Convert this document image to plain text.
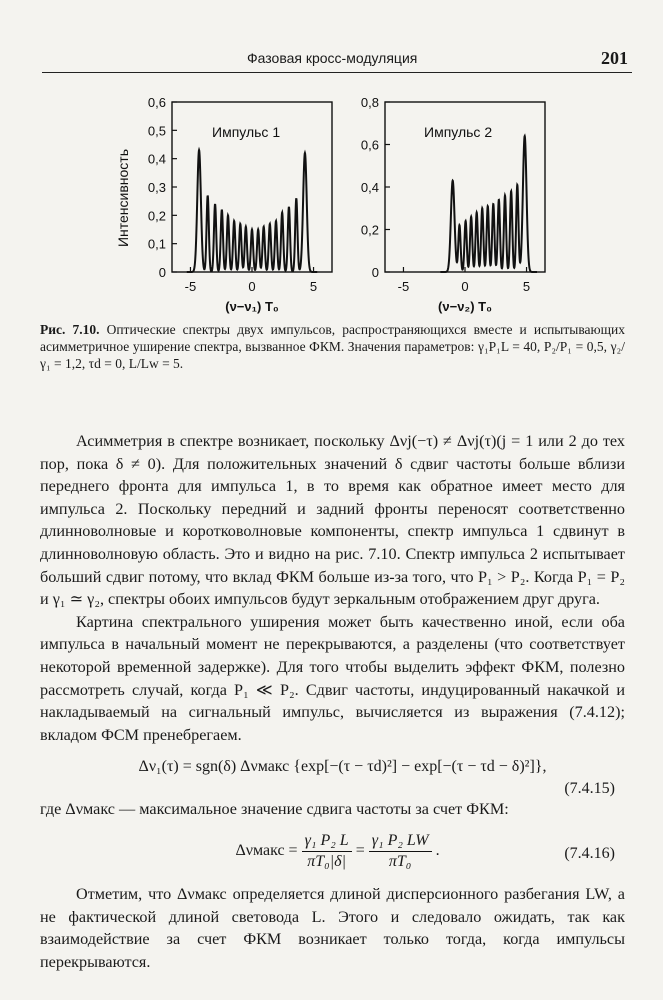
Фазовая кросс-модуляция	201
Интенсивность
0
0,1
0,2
0,3
0,4
0,5
0,6
-5	0	5
Импульс 1
(ν−ν₁) T₀
0
0,2
0,4
0,6
0,8
-5	0	5
Импульс 2
(ν−ν₂) T₀
Рис. 7.10. Оптические спектры двух импульсов, распространяющихся вместе и испытывающих асимметричное уширение спектра, вызванное ФКМ. Значения параметров: γ₁P₁L = 40, P₂/P₁ = 0,5, γ₂/γ₁ = 1,2, τd = 0, L/Lw = 5.

Асимметрия в спектре возникает, поскольку Δνj(−τ) ≠ Δνj(τ)(j = 1 или 2 до тех пор, пока δ ≠ 0). Для положительных значений δ сдвиг частоты больше вблизи переднего фронта для импульса 1, в то время как обратное имеет место для импульса 2. Поскольку передний и задний фронты переносят соответственно длинноволновые и коротковолновые компоненты, спектр импульса 1 сдвинут в длинноволновую область. Это и видно на рис. 7.10. Спектр импульса 2 испытывает больший сдвиг потому, что вклад ФКМ больше из-за того, что P₁ > P₂. Когда P₁ = P₂ и γ₁ ≃ γ₂, спектры обоих импульсов будут зеркальным отображением друг друга.

Картина спектрального уширения может быть качественно иной, если оба импульса в начальный момент не перекрываются, а разделены (что соответствует некоторой временной задержке). Для того чтобы выделить эффект ФКМ, полезно рассмотреть случай, когда P₁ ≪ P₂. Сдвиг частоты, индуцированный накачкой и накладываемый на сигнальный импульс, вычисляется из выражения (7.4.12); вкладом ФСМ пренебрегаем.

Δν₁(τ) = sgn(δ) Δνмакс {exp[−(τ − τd)²] − exp[−(τ − τd − δ)²]},
(7.4.15)

где Δνмакс — максимальное значение сдвига частоты за счет ФКМ:

Δνмакс = $\frac{\text{γ₁ P₂ L}}{\text{πT₀|δ|}} = \frac{\text{γ₁ P₂ LW}}{\text{πT₀}}$ .	(7.4.16)

Отметим, что Δνмакс определяется длиной дисперсионного разбегания LW, а не фактической длиной световода L. Этого и следовало ожидать, так как взаимодействие за счет ФКМ возникает только тогда, когда импульсы перекрываются.
